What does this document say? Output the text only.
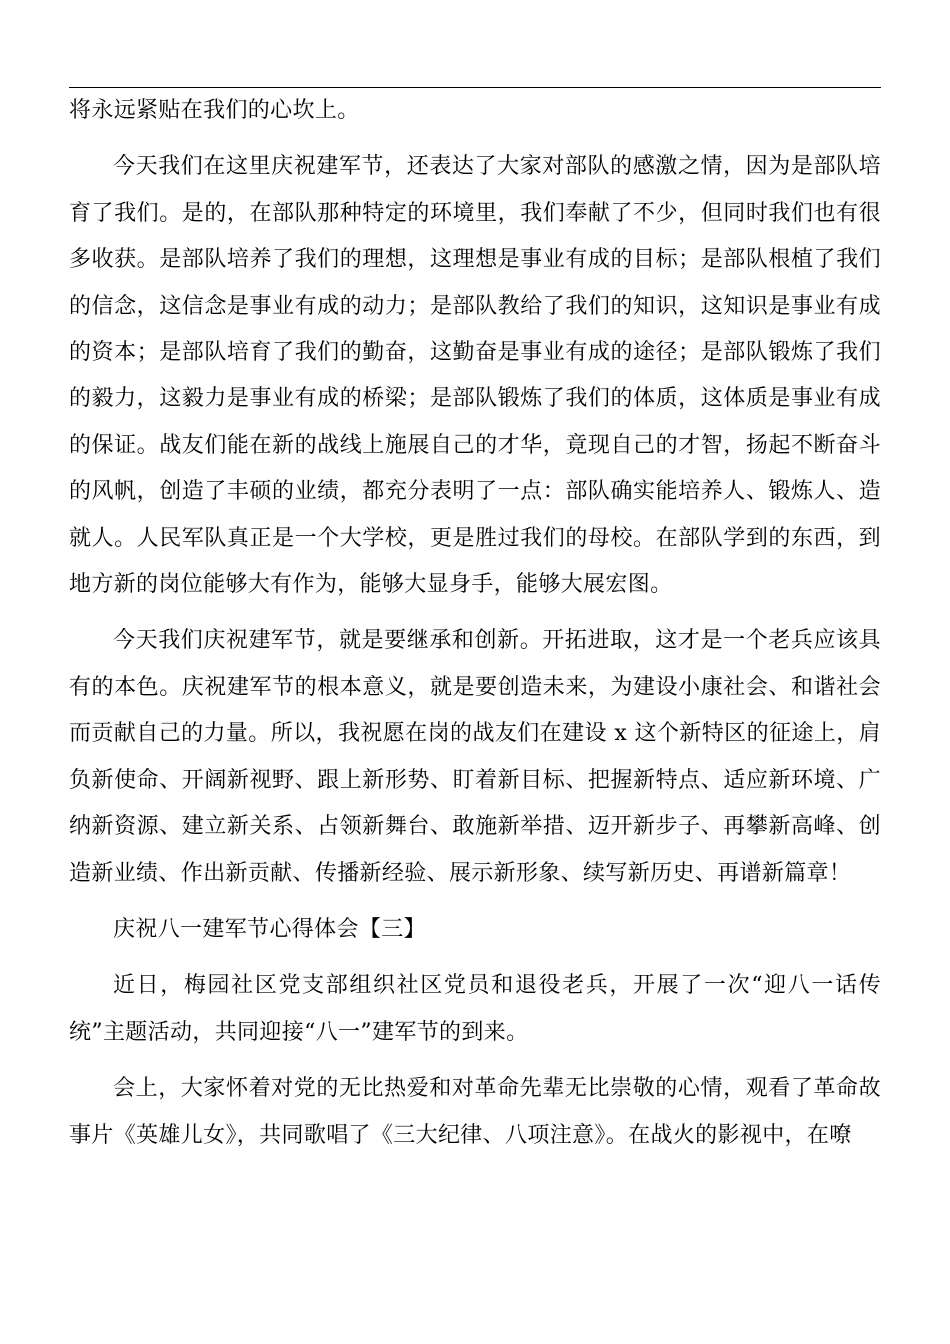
将永远紧贴在我们的心坎上。

今天我们在这里庆祝建军节，还表达了大家对部队的感激之情，因为是部队培育了我们。是的，在部队那种特定的环境里，我们奉献了不少，但同时我们也有很多收获。是部队培养了我们的理想，这理想是事业有成的目标；是部队根植了我们的信念，这信念是事业有成的动力；是部队教给了我们的知识，这知识是事业有成的资本；是部队培育了我们的勤奋，这勤奋是事业有成的途径；是部队锻炼了我们的毅力，这毅力是事业有成的桥梁；是部队锻炼了我们的体质，这体质是事业有成的保证。战友们能在新的战线上施展自己的才华，竟现自己的才智，扬起不断奋斗的风帆，创造了丰硕的业绩，都充分表明了一点：部队确实能培养人、锻炼人、造就人。人民军队真正是一个大学校，更是胜过我们的母校。在部队学到的东西，到地方新的岗位能够大有作为，能够大显身手，能够大展宏图。

今天我们庆祝建军节，就是要继承和创新。开拓进取，这才是一个老兵应该具有的本色。庆祝建军节的根本意义，就是要创造未来，为建设小康社会、和谐社会而贡献自己的力量。所以，我祝愿在岗的战友们在建设 x 这个新特区的征途上，肩负新使命、开阔新视野、跟上新形势、盯着新目标、把握新特点、适应新环境、广纳新资源、建立新关系、占领新舞台、敢施新举措、迈开新步子、再攀新高峰、创造新业绩、作出新贡献、传播新经验、展示新形象、续写新历史、再谱新篇章！

庆祝八一建军节心得体会【三】

近日，梅园社区党支部组织社区党员和退役老兵，开展了一次“迎八一话传统”主题活动，共同迎接“八一”建军节的到来。

会上，大家怀着对党的无比热爱和对革命先辈无比崇敬的心情，观看了革命故事片《英雄儿女》，共同歌唱了《三大纪律、八项注意》。在战火的影视中，在嘹
